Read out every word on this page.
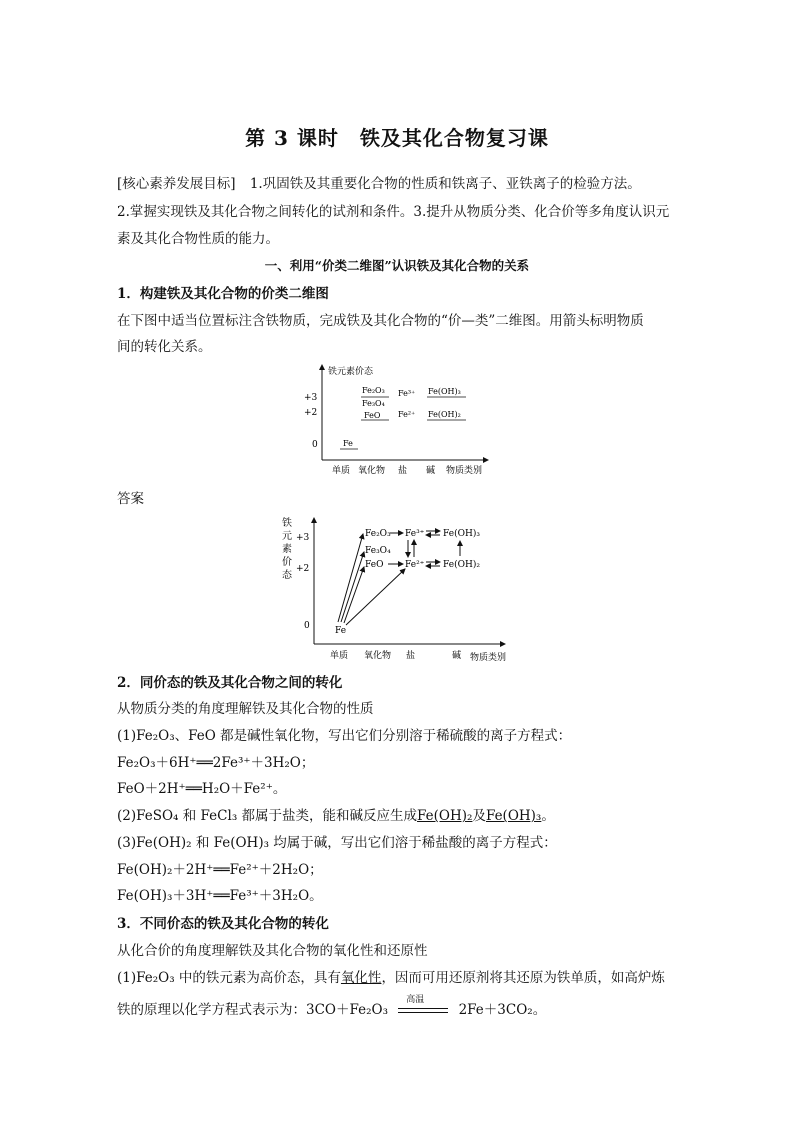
第 3 课时　铁及其化合物复习课
[核心素养发展目标] 1.巩固铁及其重要化合物的性质和铁离子、亚铁离子的检验方法。
2.掌握实现铁及其化合物之间转化的试剂和条件。3.提升从物质分类、化合价等多角度认识元
素及其化合物性质的能力。
一、利用“价类二维图”认识铁及其化合物的关系
1．构建铁及其化合物的价类二维图
在下图中适当位置标注含铁物质，完成铁及其化合物的“价—类”二维图。用箭头标明物质
间的转化关系。
铁元素价态
+3
+2
0
Fe₂O₃
Fe₃O₄
FeO
Fe³⁺
Fe²⁺
Fe(OH)₃
Fe(OH)₂
Fe
单质 氧化物 盐 碱 物质类别
答案
铁
元
素
价
态
+3
+2
0
Fe₂O₃
Fe₃O₄
FeO
Fe³⁺
Fe²⁺
Fe(OH)₃
Fe(OH)₂
Fe
单质 氧化物 盐	碱 物质类别
2．同价态的铁及其化合物之间的转化
从物质分类的角度理解铁及其化合物的性质
(1)Fe₂O₃、FeO 都是碱性氧化物，写出它们分别溶于稀硫酸的离子方程式：
Fe₂O₃＋6H⁺══2Fe³⁺＋3H₂O；
FeO＋2H⁺══H₂O＋Fe²⁺。
(2)FeSO₄ 和 FeCl₃ 都属于盐类，能和碱反应生成Fe(OH)₂及Fe(OH)₃。
(3)Fe(OH)₂ 和 Fe(OH)₃ 均属于碱，写出它们溶于稀盐酸的离子方程式：
Fe(OH)₂＋2H⁺══Fe²⁺＋2H₂O；
Fe(OH)₃＋3H⁺══Fe³⁺＋3H₂O。
3．不同价态的铁及其化合物的转化
从化合价的角度理解铁及其化合物的氧化性和还原性
(1)Fe₂O₃ 中的铁元素为高价态，具有氧化性，因而可用还原剂将其还原为铁单质，如高炉炼
铁的原理以化学方程式表示为：3CO＋Fe₂O₃
高温
2Fe＋3CO₂。
